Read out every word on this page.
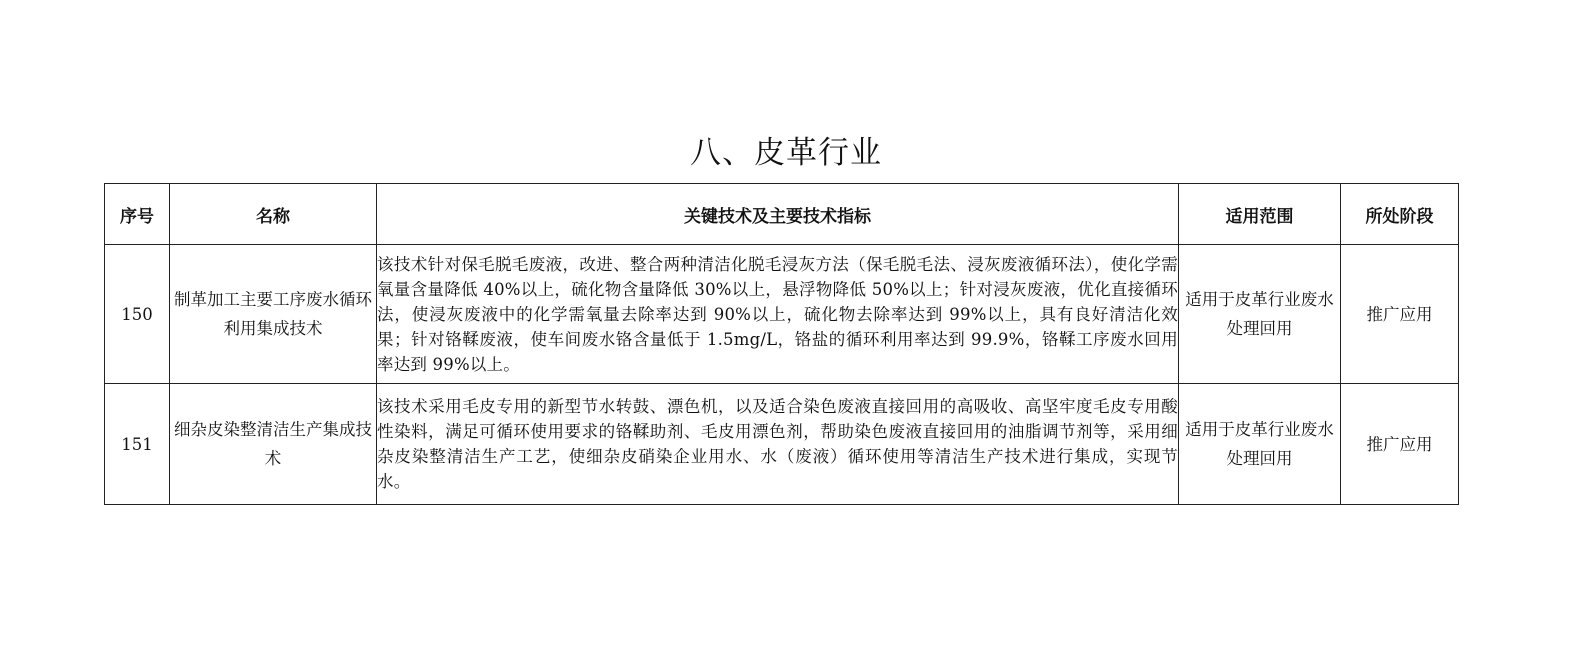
八、皮革行业
序号	名称	关键技术及主要技术指标	适用范围	所处阶段
150	制革加工主要工序废水循环利用集成技术	该技术针对保毛脱毛废液，改进、整合两种清洁化脱毛浸灰方法（保毛脱毛法、浸灰废液循环法），使化学需氧量含量降低 40%以上，硫化物含量降低 30%以上，悬浮物降低 50%以上；针对浸灰废液，优化直接循环法，使浸灰废液中的化学需氧量去除率达到 90%以上，硫化物去除率达到 99%以上，具有良好清洁化效果；针对铬鞣废液，使车间废水铬含量低于 1.5mg/L，铬盐的循环利用率达到 99.9%，铬鞣工序废水回用率达到 99%以上。	适用于皮革行业废水处理回用	推广应用
151	细杂皮染整清洁生产集成技术	该技术采用毛皮专用的新型节水转鼓、漂色机，以及适合染色废液直接回用的高吸收、高坚牢度毛皮专用酸性染料，满足可循环使用要求的铬鞣助剂、毛皮用漂色剂，帮助染色废液直接回用的油脂调节剂等，采用细杂皮染整清洁生产工艺，使细杂皮硝染企业用水、水（废液）循环使用等清洁生产技术进行集成，实现节水。	适用于皮革行业废水处理回用	推广应用
